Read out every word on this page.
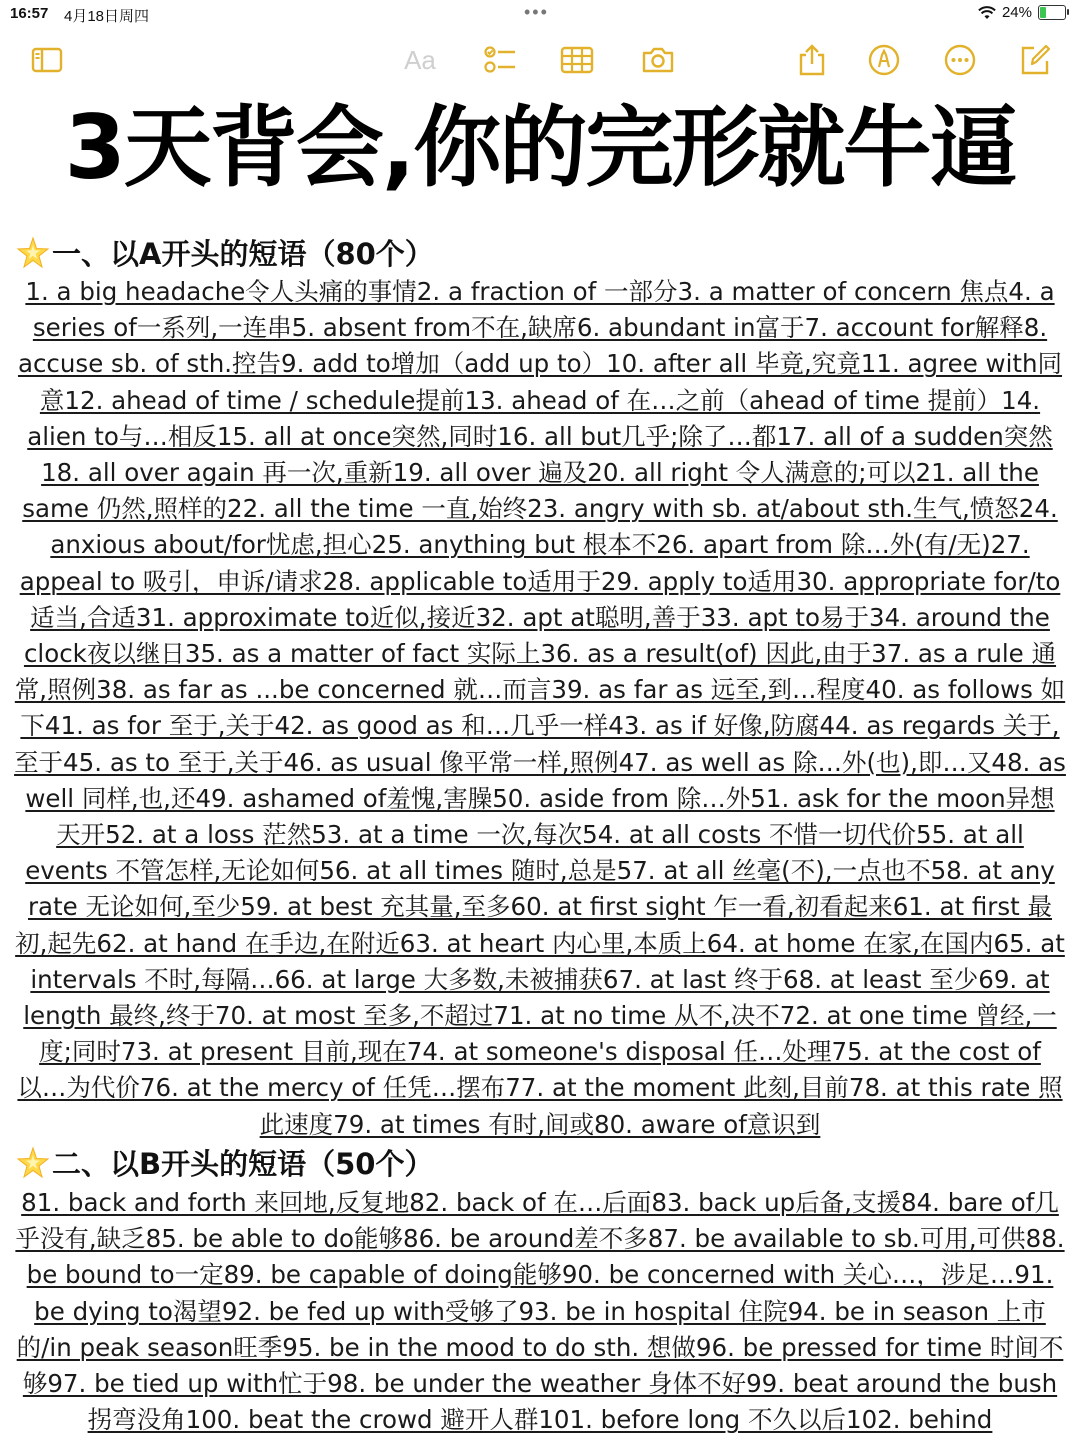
16:57 4月18日周四	•••	24%
Aa
3天背会,你的完形就牛逼
一、以A开头的短语（80个）
1. a big headache令人头痛的事情2. a fraction of 一部分3. a matter of concern 焦点4. a series of一系列,一连串5. absent from不在,缺席6. abundant in富于7. account for解释8. accuse sb. of sth.控告9. add to增加（add up to）10. after all 毕竟,究竟11. agree with同意12. ahead of time / schedule提前13. ahead of 在…之前（ahead of time 提前）14. alien to与…相反15. all at once突然,同时16. all but几乎;除了…都17. all of a sudden突然18. all over again 再一次,重新19. all over 遍及20. all right 令人满意的;可以21. all the same 仍然,照样的22. all the time 一直,始终23. angry with sb. at/about sth.生气,愤怒24. anxious about/for忧虑,担心25. anything but 根本不26. apart from 除…外(有/无)27. appeal to 吸引，申诉/请求28. applicable to适用于29. apply to适用30. appropriate for/to适当,合适31. approximate to近似,接近32. apt at聪明,善于33. apt to易于34. around the clock夜以继日35. as a matter of fact 实际上36. as a result(of) 因此,由于37. as a rule 通常,照例38. as far as ...be concerned 就…而言39. as far as 远至,到…程度40. as follows 如下41. as for 至于,关于42. as good as 和…几乎一样43. as if 好像,防腐44. as regards 关于,至于45. as to 至于,关于46. as usual 像平常一样,照例47. as well as 除…外(也),即…又48. as well 同样,也,还49. ashamed of羞愧,害臊50. aside from 除…外51. ask for the moon异想天开52. at a loss 茫然53. at a time 一次,每次54. at all costs 不惜一切代价55. at all events 不管怎样,无论如何56. at all times 随时,总是57. at all 丝毫(不),一点也不58. at any rate 无论如何,至少59. at best 充其量,至多60. at first sight 乍一看,初看起来61. at first 最初,起先62. at hand 在手边,在附近63. at heart 内心里,本质上64. at home 在家,在国内65. at intervals 不时,每隔…66. at large 大多数,未被捕获67. at last 终于68. at least 至少69. at length 最终,终于70. at most 至多,不超过71. at no time 从不,决不72. at one time 曾经,一度;同时73. at present 目前,现在74. at someone's disposal 任…处理75. at the cost of 以…为代价76. at the mercy of 任凭…摆布77. at the moment 此刻,目前78. at this rate 照此速度79. at times 有时,间或80. aware of意识到
二、以B开头的短语（50个）
81. back and forth 来回地,反复地82. back of 在…后面83. back up后备,支援84. bare of几乎没有,缺乏85. be able to do能够86. be around差不多87. be available to sb.可用,可供88. be bound to一定89. be capable of doing能够90. be concerned with 关心…，涉足…91. be dying to渴望92. be fed up with受够了93. be in hospital 住院94. be in season 上市的/in peak season旺季95. be in the mood to do sth. 想做96. be pressed for time 时间不够97. be tied up with忙于98. be under the weather 身体不好99. beat around the bush 拐弯没角100. beat the crowd 避开人群101. before long 不久以后102. behind
